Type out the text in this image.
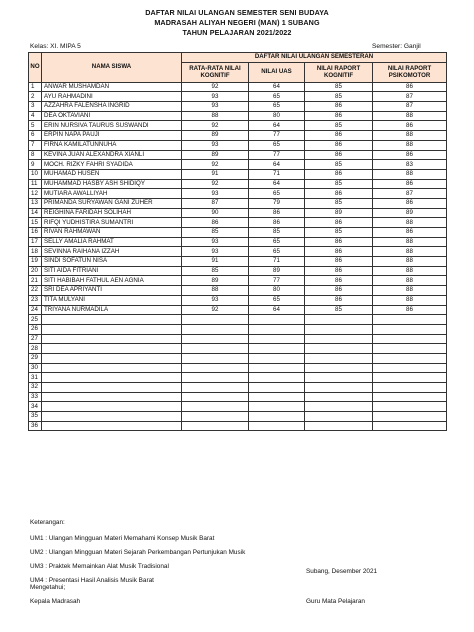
DAFTAR NILAI ULANGAN SEMESTER SENI BUDAYA
MADRASAH ALIYAH NEGERI (MAN) 1 SUBANG
TAHUN PELAJARAN 2021/2022
Kelas: XI. MIPA 5	Semester: Ganjil
NO	NAMA SISWA	DAFTAR NILAI ULANGAN SEMESTERAN			
		RATA-RATA NILAI KOGNITIF	NILAI UAS	NILAI RAPORT KOGNITIF	NILAI RAPORT PSIKOMOTOR
1	ANWAR MUSHAMDAN	92	64	85	86
2	AYU RAHMADINI	93	65	85	87
3	AZZAHRA FALENSHA INGRID	93	65	86	87
4	DEA OKTAVIANI	88	80	86	88
5	ERIN NURSIVA TAURUS SUSWANDI	92	64	85	86
6	ERPIN NAPA PAUJI	89	77	86	88
7	FIRNA KAMILATUNNUHA	93	65	86	88
8	KEVINA JUAN ALEXANDRA XIANLI	89	77	86	86
9	MOCH. RIZKY FAHRI SYADIDA	92	64	85	83
10	MUHAMAD HUSEN	91	71	86	88
11	MUHAMMAD HASBY ASH SHIDIQY	92	64	85	86
12	MUTIARA AWALLIYAH	93	65	86	87
13	PRIMANDA SURYAWAN GANI ZUHER	87	79	85	86
14	REIGHINA FARIDAH SOLIHAH	90	86	89	89
15	RIFQI YUDHISTIRA SUMANTRI	86	86	86	88
16	RIVAN RAHMAWAN	85	85	85	86
17	SELLY AMALIA RAHMAT	93	65	86	88
18	SEVINNA RAIHANA IZZAH	93	65	86	88
19	SINDI SOFATUN NISA	91	71	86	88
20	SITI AIDA FITRIANI	85	89	86	88
21	SITI HABIBAH FATHUL AEN AGNIA	89	77	86	88
22	SRI DEA APRIYANTI	88	80	86	88
23	TITA MULYANI	93	65	86	88
24	TRIYANA NURMADILA	92	64	85	86
25					
26					
27					
28					
29					
30					
31					
32					
33					
34					
35					
36					
Keterangan:
UM1 : Ulangan Mingguan Materi Memahami Konsep Musik Barat
UM2 : Ulangan Mingguan Materi Sejarah Perkembangan Pertunjukan Musik
UM3 : Praktek Memainkan Alat Musik Tradisional
UM4 : Presentasi Hasil Analisis Musik Barat
Subang, Desember 2021
Mengetahui;
Kepala Madrasah	Guru Mata Pelajaran
